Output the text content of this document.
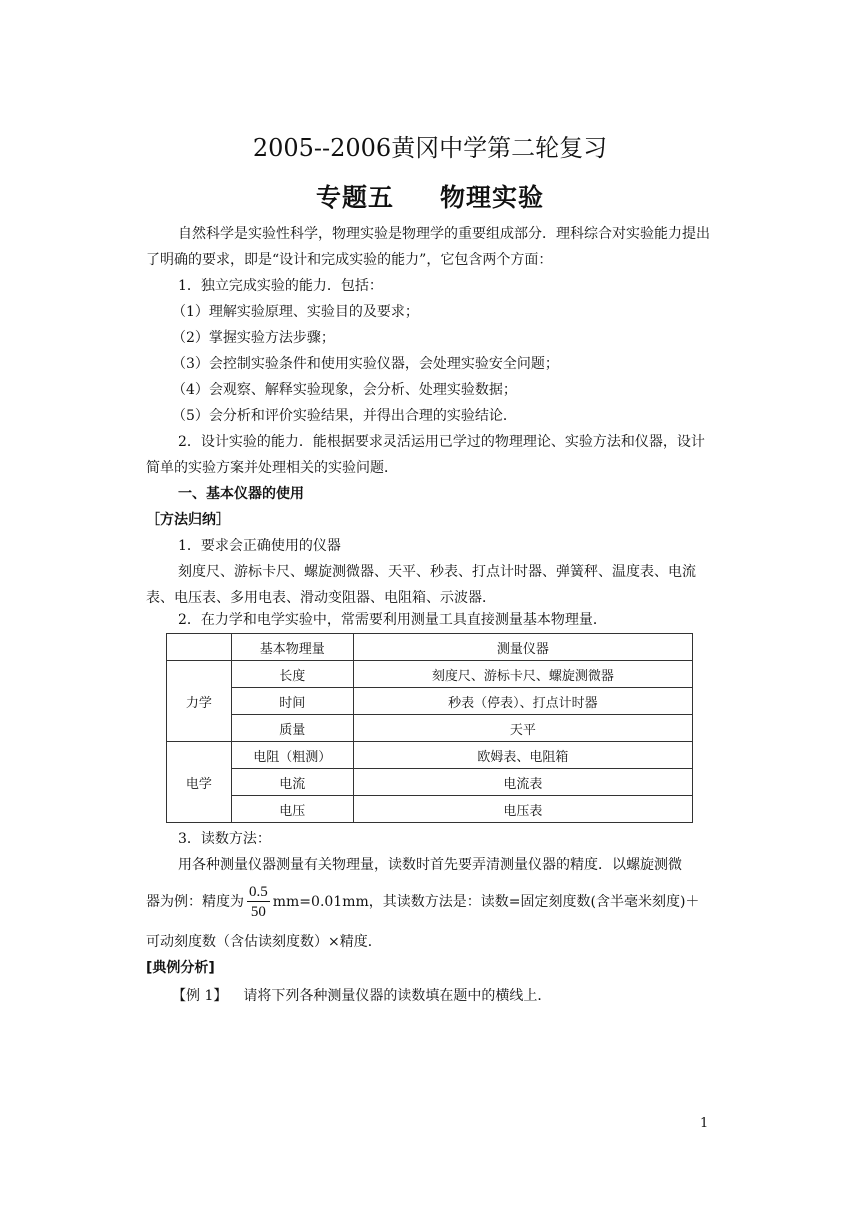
2005--2006黄冈中学第二轮复习
专题五 物理实验
自然科学是实验性科学，物理实验是物理学的重要组成部分．理科综合对实验能力提出了明确的要求，即是“设计和完成实验的能力”，它包含两个方面：
1．独立完成实验的能力．包括：
（1）理解实验原理、实验目的及要求；
（2）掌握实验方法步骤；
（3）会控制实验条件和使用实验仪器，会处理实验安全问题；
（4）会观察、解释实验现象，会分析、处理实验数据；
（5）会分析和评价实验结果，并得出合理的实验结论．
2．设计实验的能力．能根据要求灵活运用已学过的物理理论、实验方法和仪器，设计简单的实验方案并处理相关的实验问题．
一、基本仪器的使用
［方法归纳］
1．要求会正确使用的仪器
刻度尺、游标卡尺、螺旋测微器、天平、秒表、打点计时器、弹簧秤、温度表、电流表、电压表、多用电表、滑动变阻器、电阻箱、示波器．
2．在力学和电学实验中，常需要利用测量工具直接测量基本物理量．
	基本物理量	测量仪器
力学	长度	刻度尺、游标卡尺、螺旋测微器
	时间	秒表（停表）、打点计时器
	质量	天平
电学	电阻（粗测）	欧姆表、电阻箱
	电流	电流表
	电压	电压表
3．读数方法：
用各种测量仪器测量有关物理量，读数时首先要弄清测量仪器的精度．以螺旋测微
器为例：精度为 $\frac{0.5}{50} mm=0.01mm$，其读数方法是：读数=固定刻度数(含半毫米刻度)＋
可动刻度数（含估读刻度数）×精度．
[典例分析]
【例 1】 请将下列各种测量仪器的读数填在题中的横线上．
1
